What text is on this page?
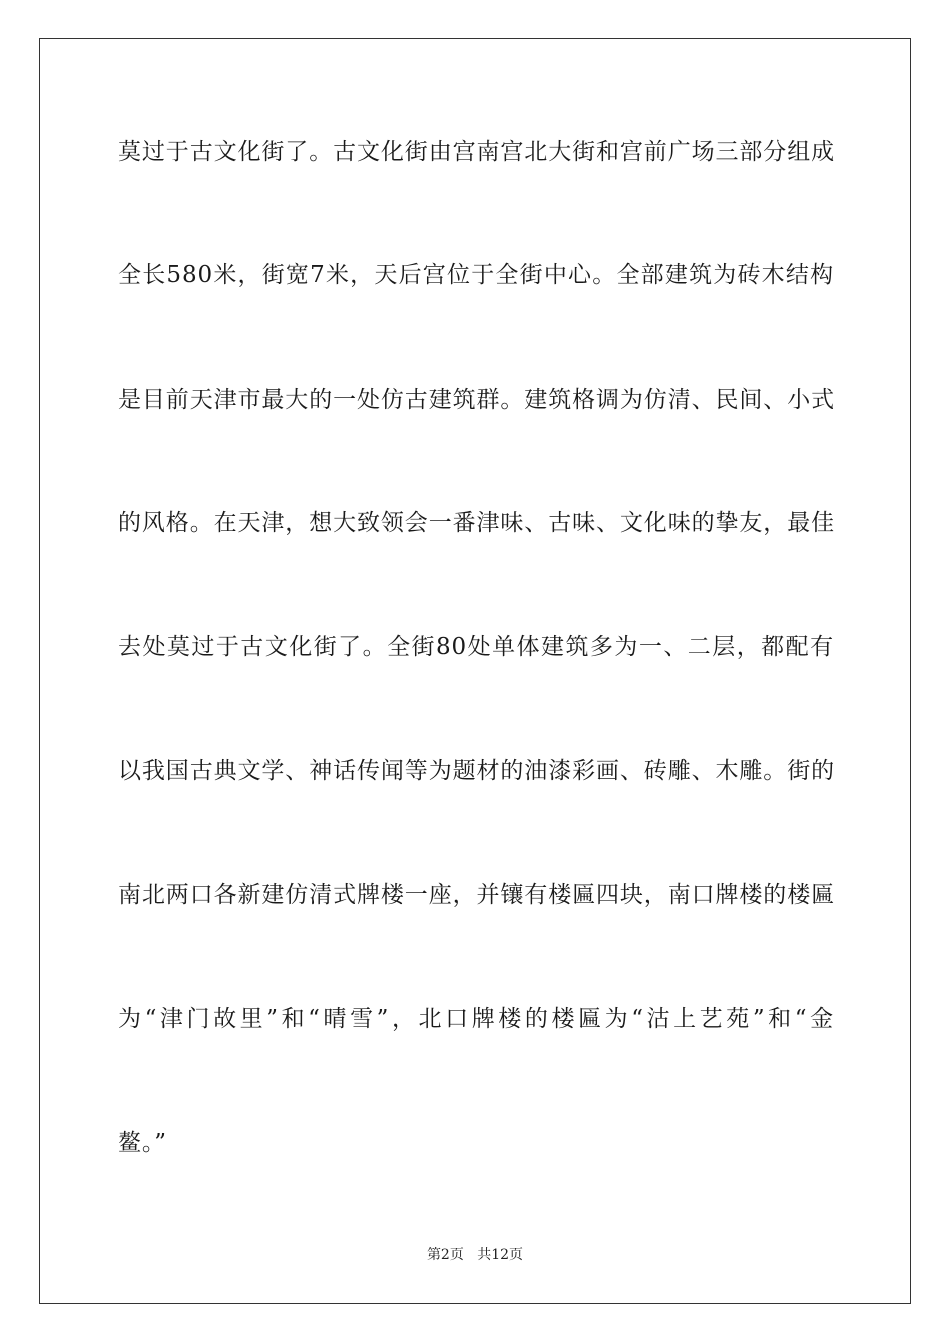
莫过于古文化街了。古文化街由宫南宫北大街和宫前广场三部分组成
全长580米，街宽7米，天后宫位于全街中心。全部建筑为砖木结构
是目前天津市最大的一处仿古建筑群。建筑格调为仿清、民间、小式
的风格。在天津，想大致领会一番津味、古味、文化味的挚友，最佳
去处莫过于古文化街了。全街80处单体建筑多为一、二层，都配有
以我国古典文学、神话传闻等为题材的油漆彩画、砖雕、木雕。街的
南北两口各新建仿清式牌楼一座，并镶有楼匾四块，南口牌楼的楼匾
为“津门故里”和“晴雪”，北口牌楼的楼匾为“沽上艺苑”和“金
鳌。”
第2页 共12页
